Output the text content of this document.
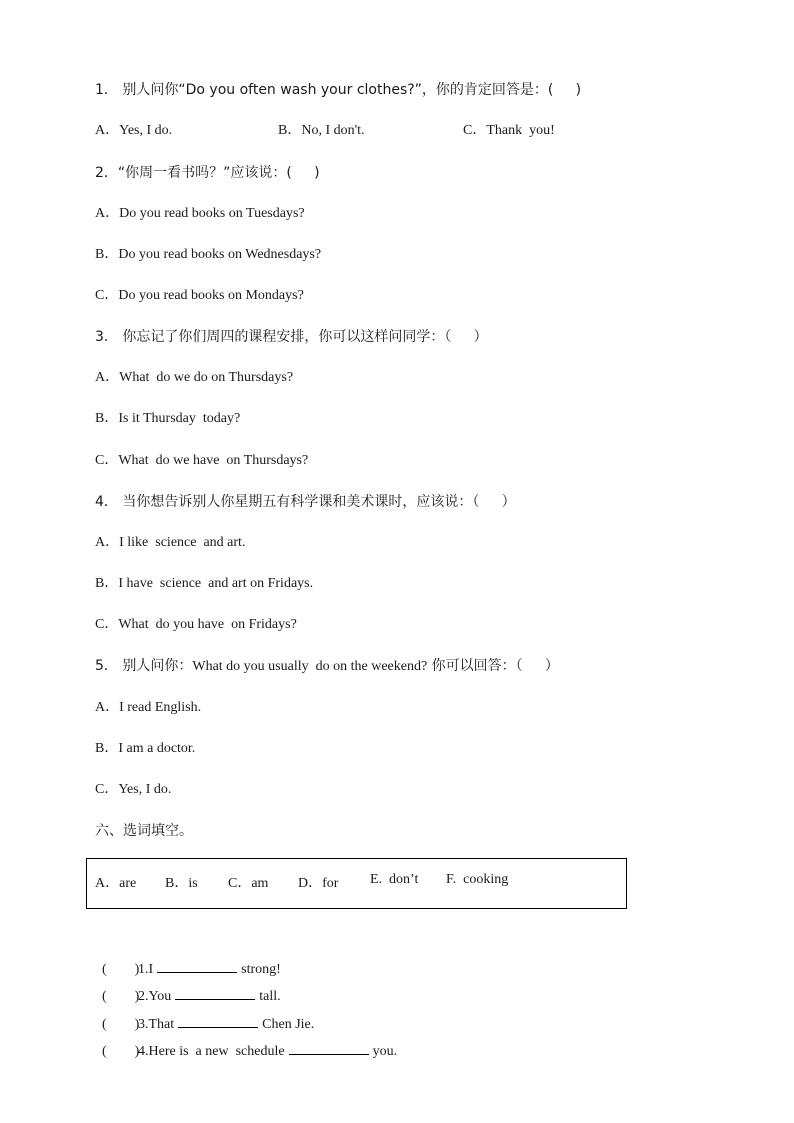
1． 别人问你“Do you often wash your clothes?”，你的肯定回答是：(     )
A．Yes, I do.	B．No, I don't.	C．Thank  you!
2．“你周一看书吗？”应该说：(     )
A．Do you read books on Tuesdays?
B．Do you read books on Wednesdays?
C．Do you read books on Mondays?
3． 你忘记了你们周四的课程安排，你可以这样问同学：（     ）
A．What  do we do on Thursdays?
B．Is it Thursday  today?
C．What  do we have  on Thursdays?
4． 当你想告诉别人你星期五有科学课和美术课时，应该说：（     ）
A．I like  science  and art.
B．I have  science  and art on Fridays.
C．What  do you have  on Fridays?
5． 别人问你：What do you usually  do on the weekend? 你可以回答：（     ）
A．I read English.
B．I am a doctor.
C．Yes, I do.
六、选词填空。
A．are B．is C．am D．for E.  don’t F.  cooking

(        )1.I	strong!

(        )2.You	tall.

(        )3.That	Chen Jie.

(        )4.Here is  a new  schedule	you.
